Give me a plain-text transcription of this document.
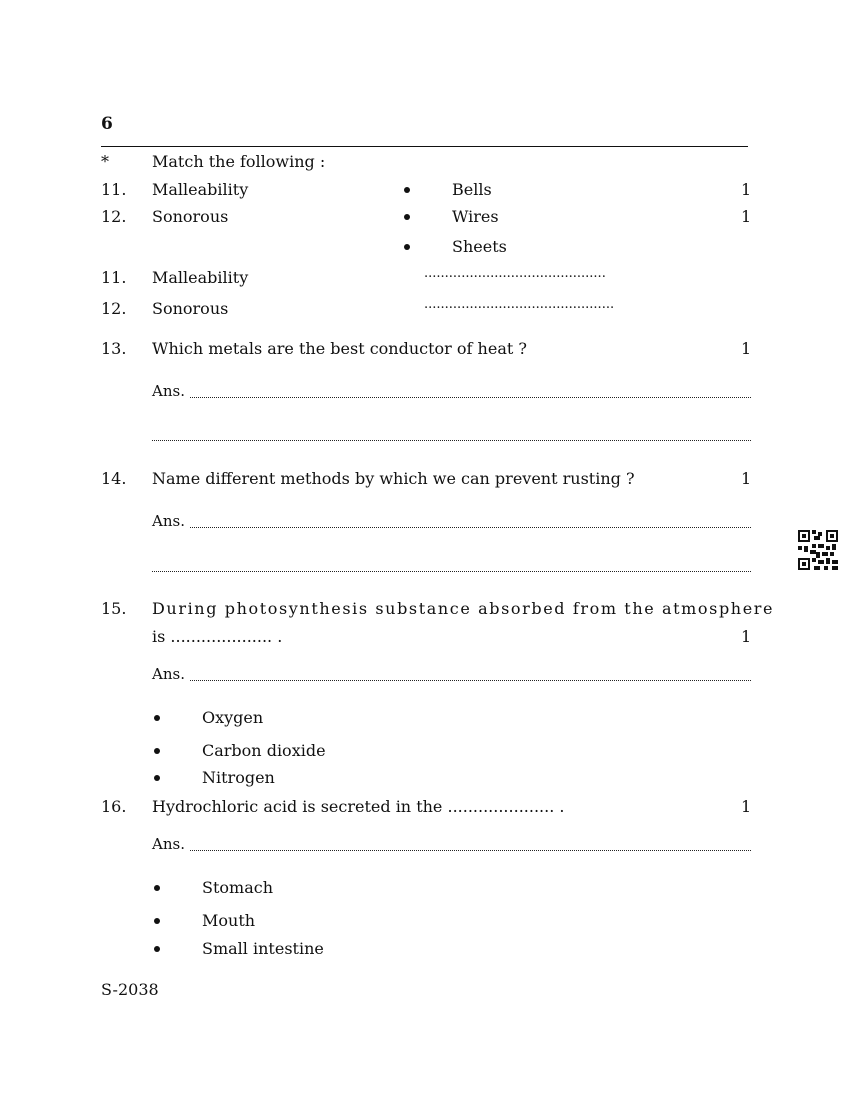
6
*	Match the following :
11. Malleability	Bells	1
12. Sonorous	Wires	1
Sheets
11. Malleability	............................................
12. Sonorous	..............................................
13. Which metals are the best conductor of heat ?	1
Ans.
14. Name different methods by which we can prevent rusting ?	1
Ans.
15. During photosynthesis substance absorbed from the atmosphere
is .................... .	1
Ans.
Oxygen
Carbon dioxide
Nitrogen
16. Hydrochloric acid is secreted in the ..................... .	1
Ans.
Stomach
Mouth
Small intestine
S-2038
